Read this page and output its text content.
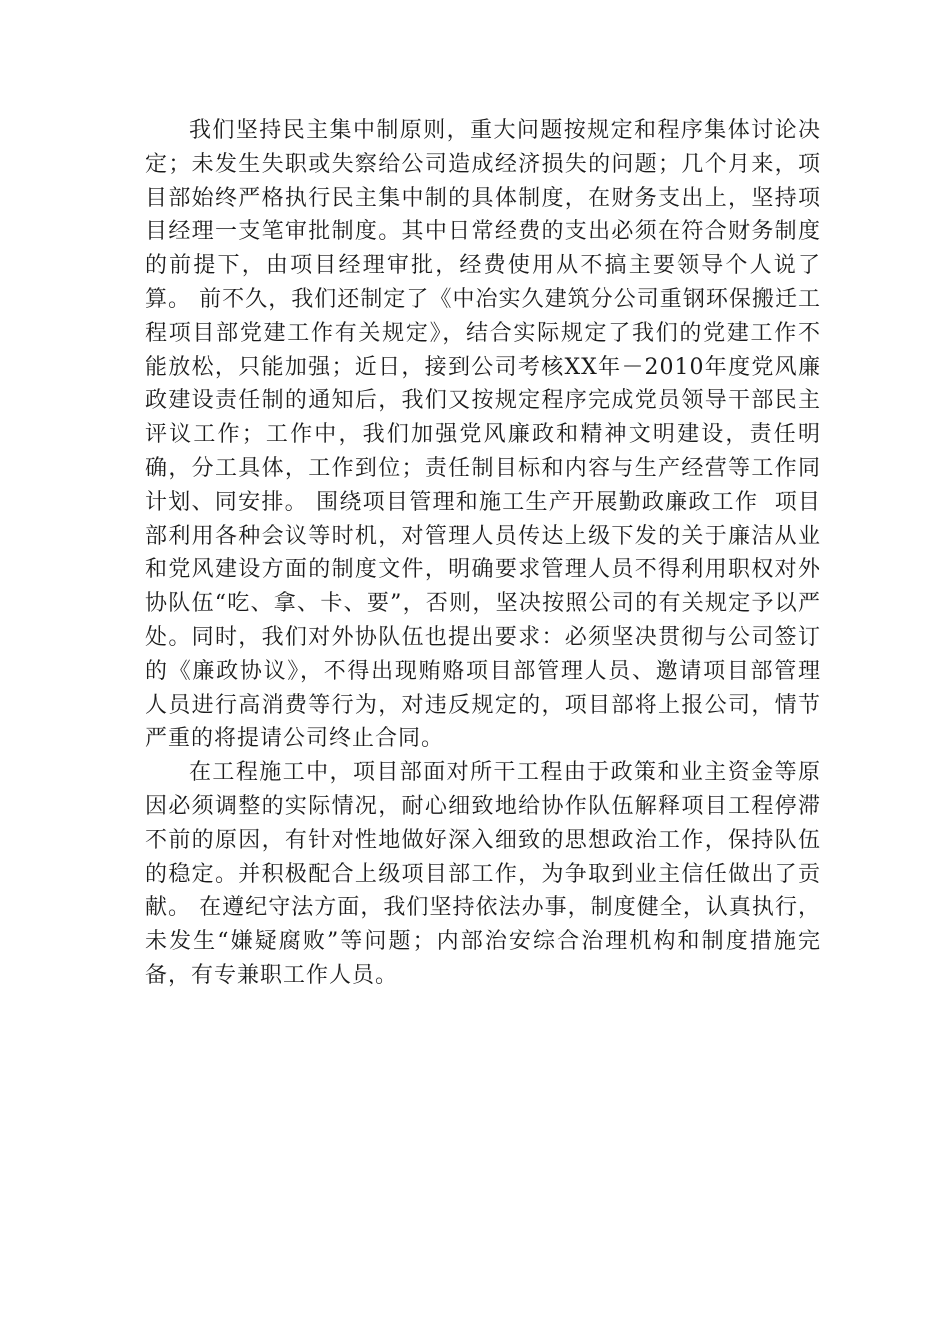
我们坚持民主集中制原则，重大问题按规定和程序集体讨论决定；未发生失职或失察给公司造成经济损失的问题；几个月来，项目部始终严格执行民主集中制的具体制度，在财务支出上，坚持项目经理一支笔审批制度。其中日常经费的支出必须在符合财务制度的前提下，由项目经理审批，经费使用从不搞主要领导个人说了算。 前不久，我们还制定了《中冶实久建筑分公司重钢环保搬迁工程项目部党建工作有关规定》，结合实际规定了我们的党建工作不能放松，只能加强；近日，接到公司考核XX年－2010年度党风廉政建设责任制的通知后，我们又按规定程序完成党员领导干部民主评议工作；工作中，我们加强党风廉政和精神文明建设，责任明确，分工具体，工作到位；责任制目标和内容与生产经营等工作同计划、同安排。 围绕项目管理和施工生产开展勤政廉政工作  项目部利用各种会议等时机，对管理人员传达上级下发的关于廉洁从业和党风建设方面的制度文件，明确要求管理人员不得利用职权对外协队伍“吃、拿、卡、要”，否则，坚决按照公司的有关规定予以严处。同时，我们对外协队伍也提出要求：必须坚决贯彻与公司签订的《廉政协议》，不得出现贿赂项目部管理人员、邀请项目部管理人员进行高消费等行为，对违反规定的，项目部将上报公司，情节严重的将提请公司终止合同。

在工程施工中，项目部面对所干工程由于政策和业主资金等原因必须调整的实际情况，耐心细致地给协作队伍解释项目工程停滞不前的原因，有针对性地做好深入细致的思想政治工作，保持队伍的稳定。并积极配合上级项目部工作，为争取到业主信任做出了贡献。 在遵纪守法方面，我们坚持依法办事，制度健全，认真执行，未发生“嫌疑腐败”等问题；内部治安综合治理机构和制度措施完备，有专兼职工作人员。
